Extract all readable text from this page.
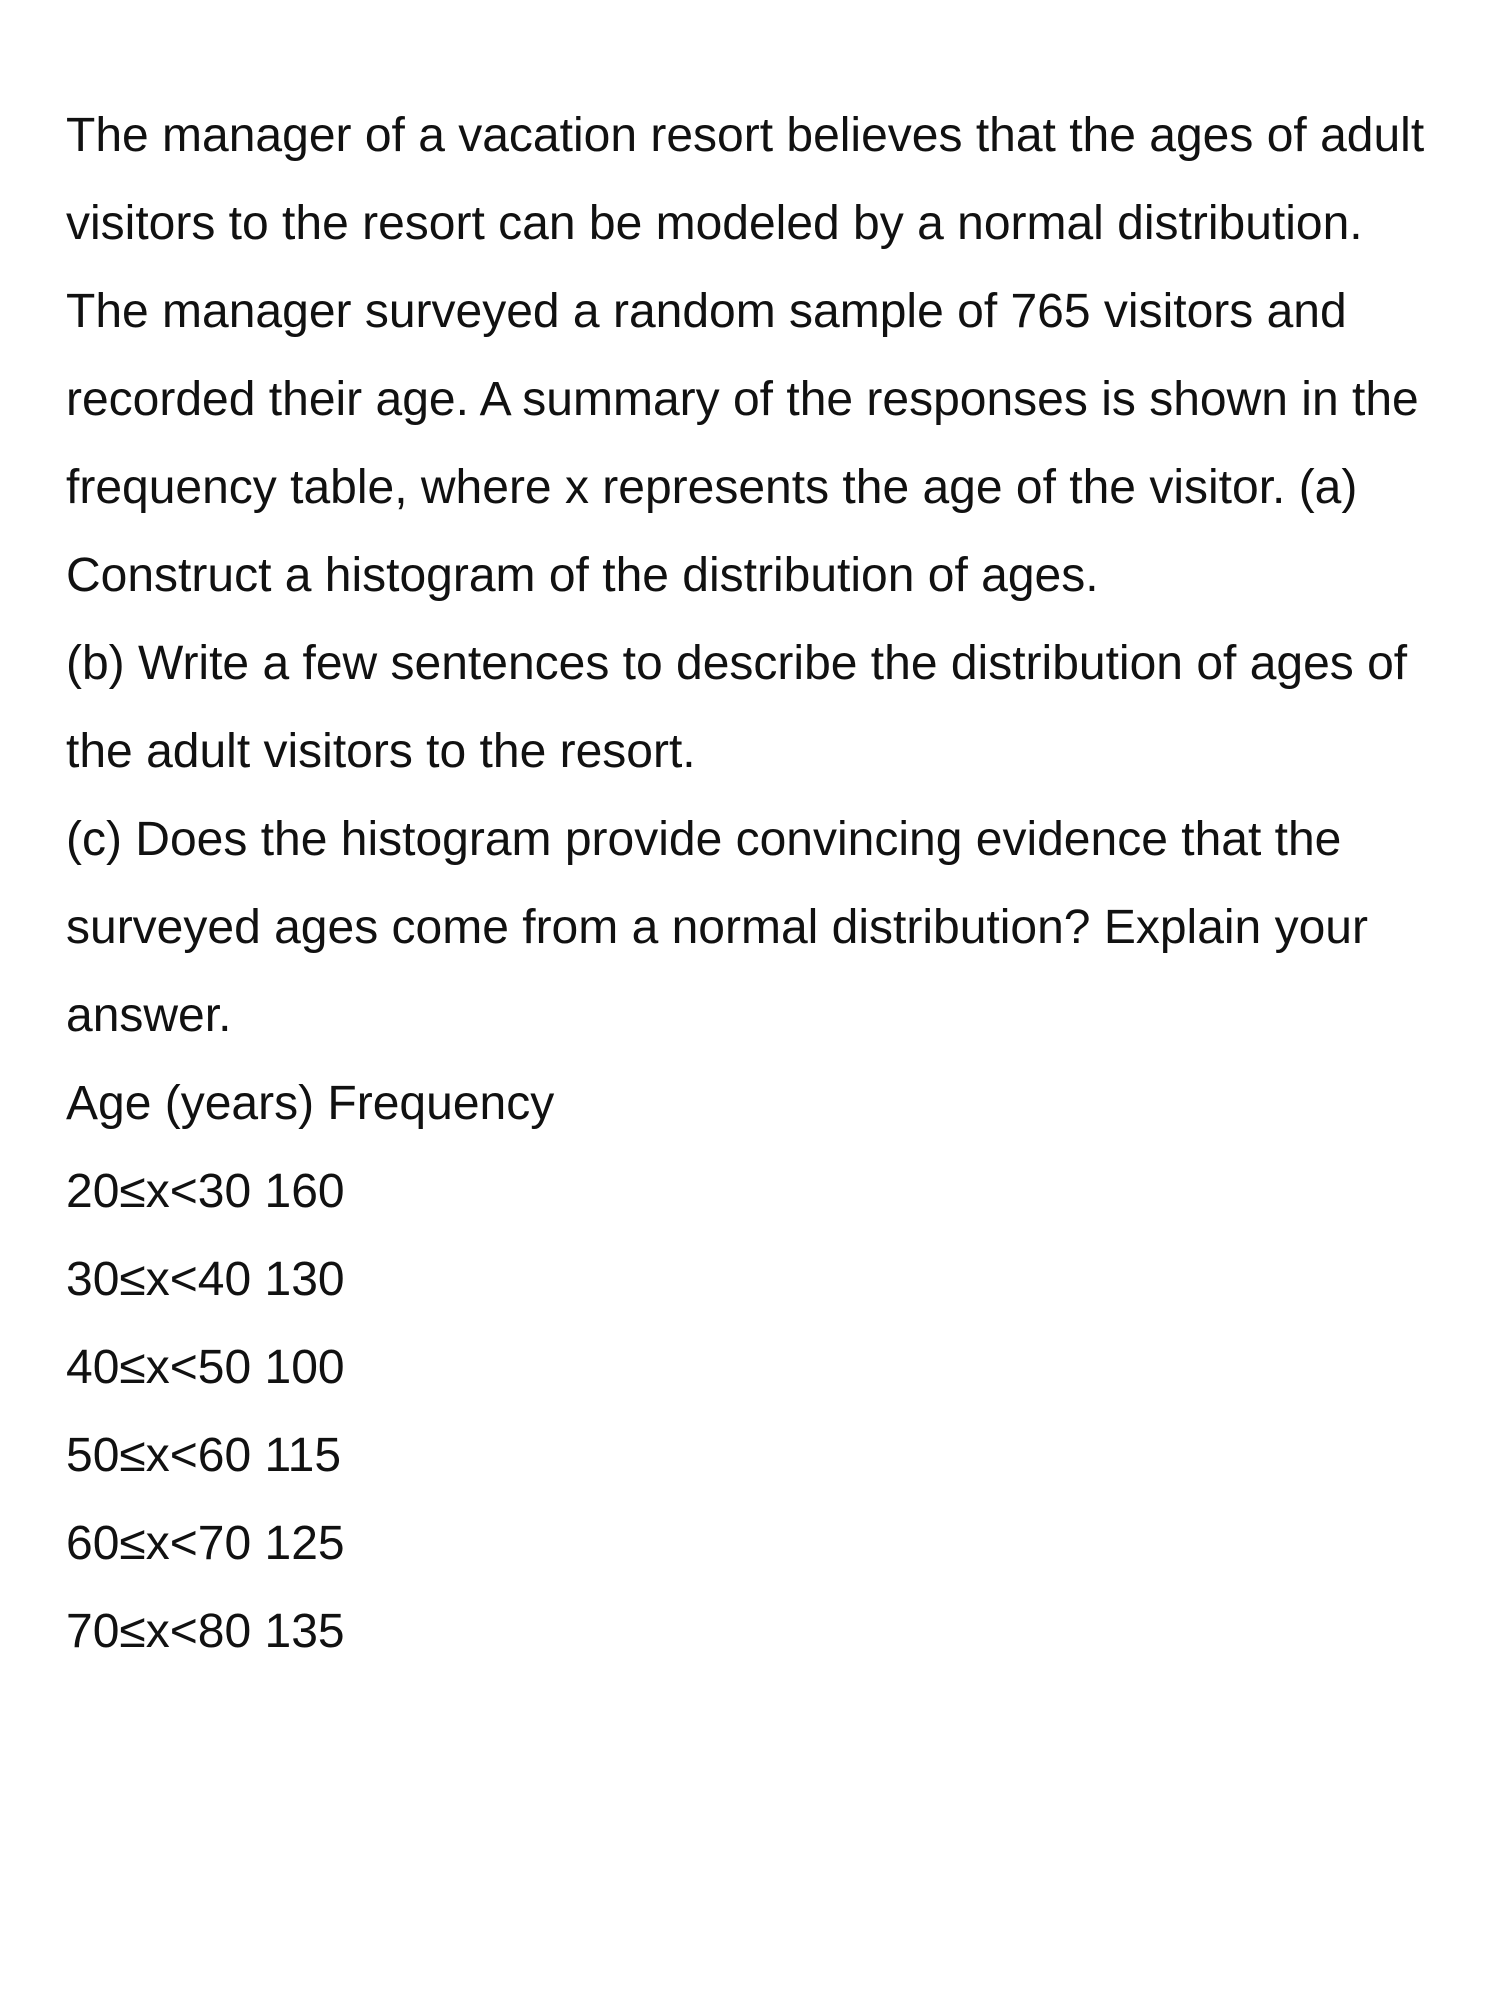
The manager of a vacation resort believes that the ages of adult visitors to the resort can be modeled by a normal distribution. The manager surveyed a random sample of 765 visitors and recorded their age. A summary of the responses is shown in the frequency table, where x represents the age of the visitor. (a) Construct a histogram of the distribution of ages.

(b) Write a few sentences to describe the distribution of ages of the adult visitors to the resort.

(c) Does the histogram provide convincing evidence that the surveyed ages come from a normal distribution? Explain your answer.

Age (years) Frequency

20≤x<30 160

30≤x<40 130

40≤x<50 100

50≤x<60 115

60≤x<70 125

70≤x<80 135
